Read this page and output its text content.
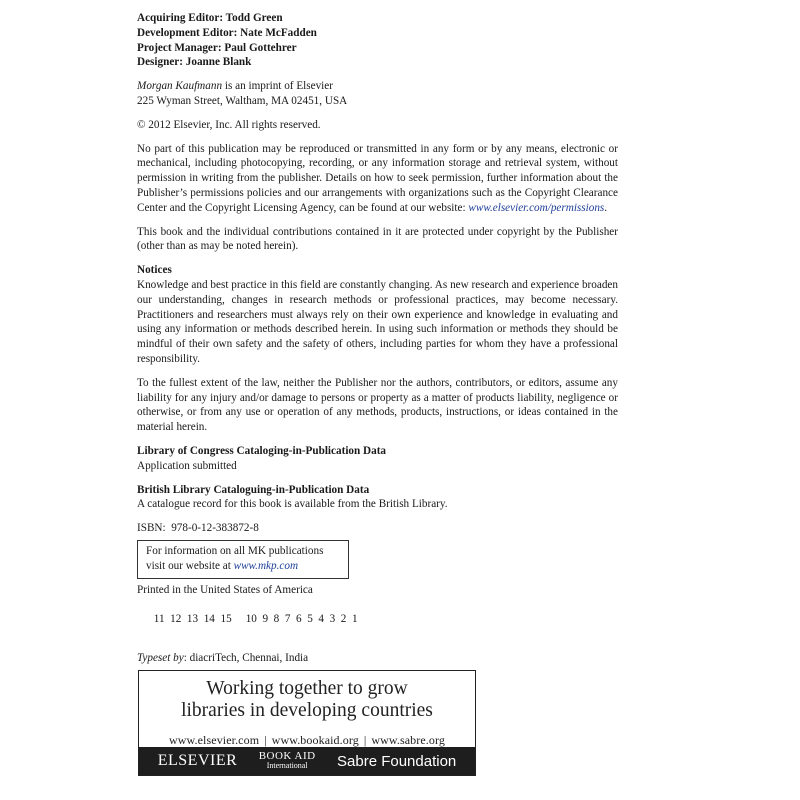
Acquiring Editor: Todd Green
Development Editor: Nate McFadden
Project Manager: Paul Gottehrer
Designer: Joanne Blank
Morgan Kaufmann is an imprint of Elsevier
225 Wyman Street, Waltham, MA 02451, USA
© 2012 Elsevier, Inc. All rights reserved.
No part of this publication may be reproduced or transmitted in any form or by any means, electronic or mechanical, including photocopying, recording, or any information storage and retrieval system, without permission in writing from the publisher. Details on how to seek permission, further information about the Publisher’s permissions policies and our arrangements with organizations such as the Copyright Clearance Center and the Copyright Licensing Agency, can be found at our website: www.elsevier.com/permissions.
This book and the individual contributions contained in it are protected under copyright by the Publisher (other than as may be noted herein).
Notices
Knowledge and best practice in this field are constantly changing. As new research and experience broaden our understanding, changes in research methods or professional practices, may become necessary. Practitioners and researchers must always rely on their own experience and knowledge in evaluating and using any information or methods described herein. In using such information or methods they should be mindful of their own safety and the safety of others, including parties for whom they have a professional responsibility.
To the fullest extent of the law, neither the Publisher nor the authors, contributors, or editors, assume any liability for any injury and/or damage to persons or property as a matter of products liability, negligence or otherwise, or from any use or operation of any methods, products, instructions, or ideas contained in the material herein.
Library of Congress Cataloging-in-Publication Data
Application submitted
British Library Cataloguing-in-Publication Data
A catalogue record for this book is available from the British Library.
ISBN:  978-0-12-383872-8
For information on all MK publications
visit our website at www.mkp.com
Printed in the United States of America

11  12  13  14  15 10  9  8  7  6  5  4  3  2  1

Typeset by: diacriTech, Chennai, India
Working together to grow
libraries in developing countries
www.elsevier.com | www.bookaid.org | www.sabre.org
ELSEVIER BOOK AID
International	Sabre Foundation
